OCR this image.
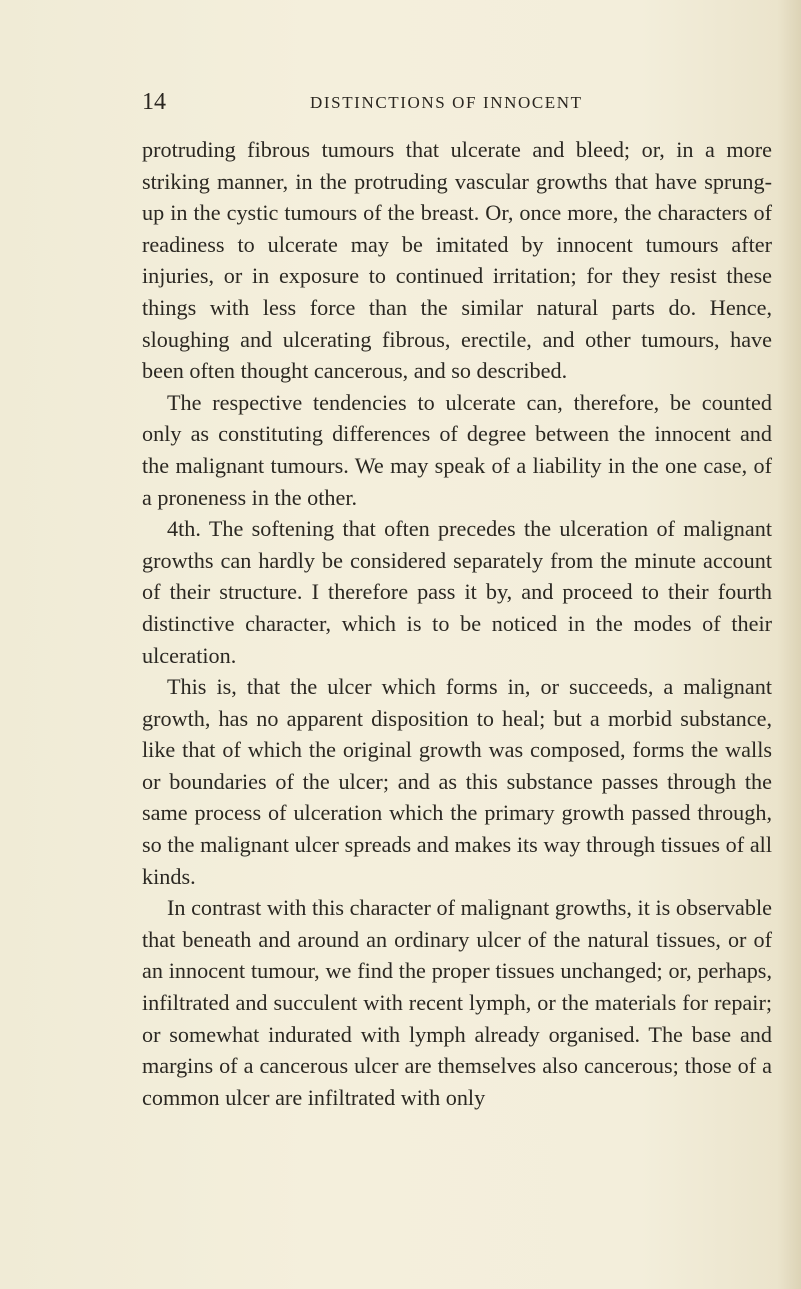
14	DISTINCTIONS OF INNOCENT

protruding fibrous tumours that ulcerate and bleed; or, in a more striking manner, in the protruding vascular growths that have sprung-up in the cystic tumours of the breast. Or, once more, the characters of readiness to ulcerate may be imitated by innocent tumours after injuries, or in exposure to continued irritation; for they resist these things with less force than the similar natural parts do. Hence, sloughing and ulcerating fibrous, erectile, and other tumours, have been often thought cancerous, and so described.

The respective tendencies to ulcerate can, therefore, be counted only as constituting differences of degree between the innocent and the malignant tumours. We may speak of a liability in the one case, of a proneness in the other.

4th. The softening that often precedes the ulceration of malignant growths can hardly be considered separately from the minute account of their structure. I therefore pass it by, and proceed to their fourth distinctive character, which is to be noticed in the modes of their ulceration.

This is, that the ulcer which forms in, or succeeds, a malignant growth, has no apparent disposition to heal; but a morbid substance, like that of which the original growth was composed, forms the walls or boundaries of the ulcer; and as this substance passes through the same process of ulceration which the primary growth passed through, so the malignant ulcer spreads and makes its way through tissues of all kinds.

In contrast with this character of malignant growths, it is observable that beneath and around an ordinary ulcer of the natural tissues, or of an innocent tumour, we find the proper tissues unchanged; or, perhaps, infiltrated and succulent with recent lymph, or the materials for repair; or somewhat indurated with lymph already organised. The base and margins of a cancerous ulcer are themselves also cancerous; those of a common ulcer are infiltrated with only
